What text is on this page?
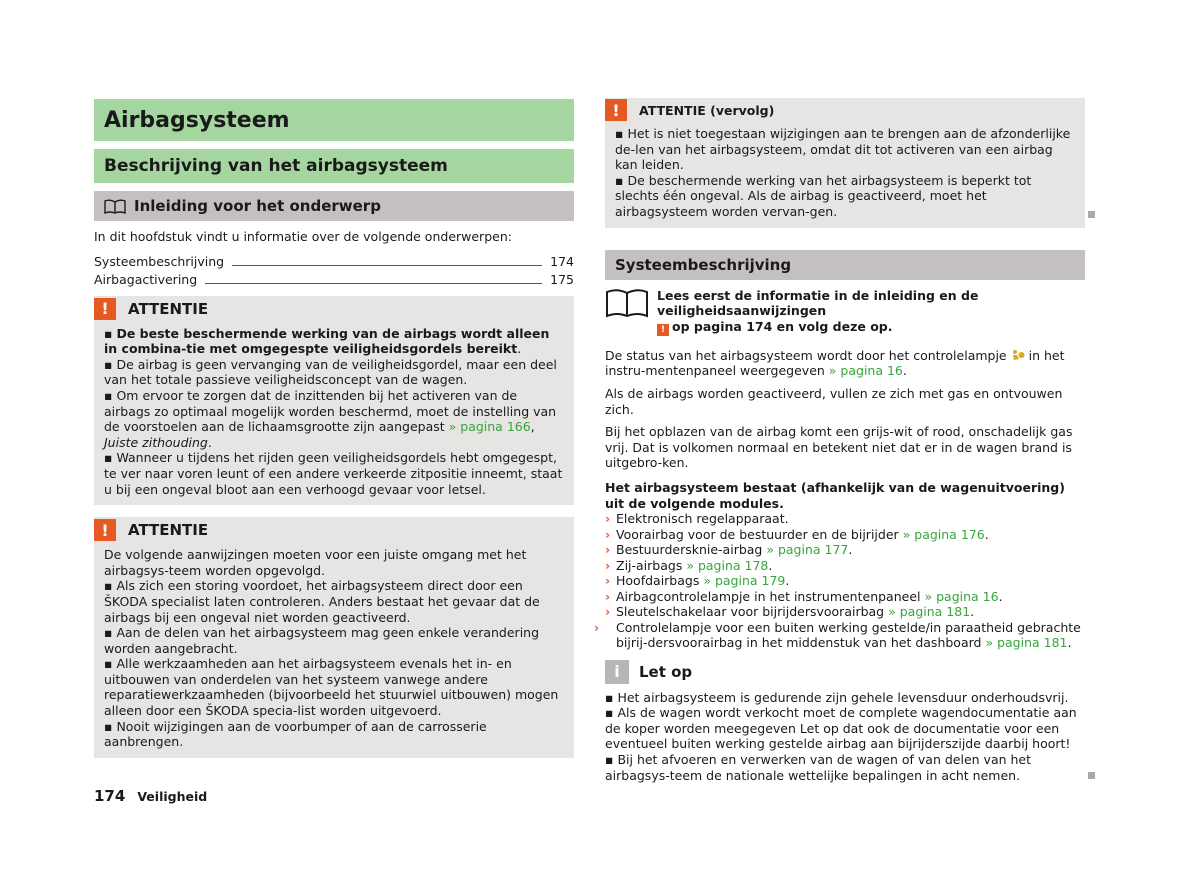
Airbagsysteem
Beschrijving van het airbagsysteem
Inleiding voor het onderwerp

In dit hoofdstuk vindt u informatie over de volgende onderwerpen:

Systeembeschrijving	174
Airbagactivering	175
!	ATTENTIE

▪ De beste beschermende werking van de airbags wordt alleen in combina-tie met omgegespte veiligheidsgordels bereikt.

▪ De airbag is geen vervanging van de veiligheidsgordel, maar een deel van het totale passieve veiligheidsconcept van de wagen.

▪ Om ervoor te zorgen dat de inzittenden bij het activeren van de airbags zo optimaal mogelijk worden beschermd, moet de instelling van de voorstoelen aan de lichaamsgrootte zijn aangepast » pagina 166, Juiste zithouding.

▪ Wanneer u tijdens het rijden geen veiligheidsgordels hebt omgegespt, te ver naar voren leunt of een andere verkeerde zitpositie inneemt, staat u bij een ongeval bloot aan een verhoogd gevaar voor letsel.

!	ATTENTIE

De volgende aanwijzingen moeten voor een juiste omgang met het airbagsys-teem worden opgevolgd.

▪ Als zich een storing voordoet, het airbagsysteem direct door een ŠKODA specialist laten controleren. Anders bestaat het gevaar dat de airbags bij een ongeval niet worden geactiveerd.

▪ Aan de delen van het airbagsysteem mag geen enkele verandering worden aangebracht.

▪ Alle werkzaamheden aan het airbagsysteem evenals het in- en uitbouwen van onderdelen van het systeem vanwege andere reparatiewerkzaamheden (bijvoorbeeld het stuurwiel uitbouwen) mogen alleen door een ŠKODA specia-list worden uitgevoerd.

▪ Nooit wijzigingen aan de voorbumper of aan de carrosserie aanbrengen.

!	ATTENTIE (vervolg)

▪ Het is niet toegestaan wijzigingen aan te brengen aan de afzonderlijke de-len van het airbagsysteem, omdat dit tot activeren van een airbag kan leiden.

▪ De beschermende werking van het airbagsysteem is beperkt tot slechts één ongeval. Als de airbag is geactiveerd, moet het airbagsysteem worden vervan-gen.

Systeembeschrijving

Lees eerst de informatie in de inleiding en de veiligheidsaanwijzingen

! op pagina 174 en volg deze op.

De status van het airbagsysteem wordt door het controlelampje in het instru-mentenpaneel weergegeven » pagina 16.

Als de airbags worden geactiveerd, vullen ze zich met gas en ontvouwen zich.

Bij het opblazen van de airbag komt een grijs-wit of rood, onschadelijk gas vrij. Dat is volkomen normaal en betekent niet dat er in de wagen brand is uitgebro-ken.

Het airbagsysteem bestaat (afhankelijk van de wagenuitvoering) uit de volgende modules.

› Elektronisch regelapparaat.

› Voorairbag voor de bestuurder en de bijrijder » pagina 176.

› Bestuurdersknie-airbag » pagina 177.

› Zij-airbags » pagina 178.

› Hoofdairbags » pagina 179.

› Airbagcontrolelampje in het instrumentenpaneel » pagina 16.

› Sleutelschakelaar voor bijrijdersvoorairbag » pagina 181.

› Controlelampje voor een buiten werking gestelde/in paraatheid gebrachte bijrij-dersvoorairbag in het middenstuk van het dashboard » pagina 181.

i	Let op

▪ Het airbagsysteem is gedurende zijn gehele levensduur onderhoudsvrij.

▪ Als de wagen wordt verkocht moet de complete wagendocumentatie aan de koper worden meegegeven Let op dat ook de documentatie voor een eventueel buiten werking gestelde airbag aan bijrijderszijde daarbij hoort!

▪ Bij het afvoeren en verwerken van de wagen of van delen van het airbagsys-teem de nationale wettelijke bepalingen in acht nemen.

174 Veiligheid
